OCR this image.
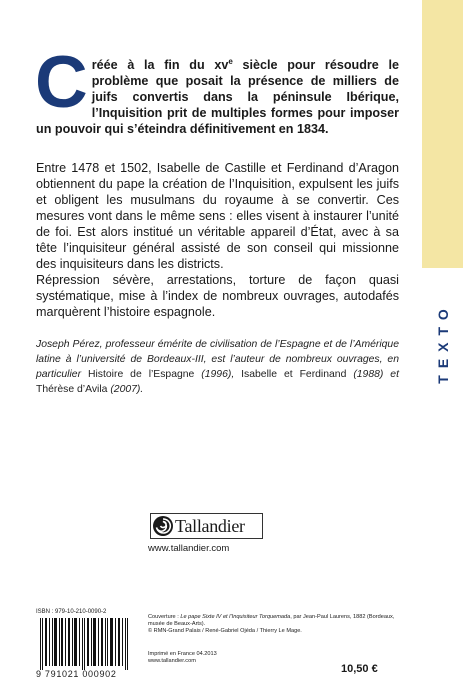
TEXTO
C réée à la fin du $xv^e$ siècle pour résoudre le problème que posait la présence de milliers de juifs convertis dans la péninsule Ibérique, l’Inquisition prit de multiples formes pour imposer un pouvoir qui s’éteindra définitivement en 1834.

Entre 1478 et 1502, Isabelle de Castille et Ferdinand d’Aragon obtiennent du pape la création de l’Inquisition, expulsent les juifs et obligent les musulmans du royaume à se convertir. Ces mesures vont dans le même sens : elles visent à instaurer l’unité de foi. Est alors institué un véritable appareil d’État, avec à sa tête l’inquisiteur général assisté de son conseil qui missionne des inquisiteurs dans les districts.

Répression sévère, arrestations, torture de façon quasi systématique, mise à l’index de nombreux ouvrages, autodafés marquèrent l’histoire espagnole.

Joseph Pérez, professeur émérite de civilisation de l’Espagne et de l’Amérique latine à l’université de Bordeaux-III, est l’auteur de nombreux ouvrages, en particulier Histoire de l’Espagne (1996), Isabelle et Ferdinand (1988) et Thérèse d’Avila (2007).
Tallandier
www.tallandier.com
ISBN : 979-10-210-0090-2
9 791021 000902
Couverture : Le pape Sixte IV et l’Inquisiteur Torquemada, par Jean-Paul Laurens, 1882 (Bordeaux, musée de Beaux-Arts).
© RMN-Grand Palais / René-Gabriel Ojéda / Thierry Le Mage.
Imprimé en France 04.2013
www.tallandier.com
10,50 €
